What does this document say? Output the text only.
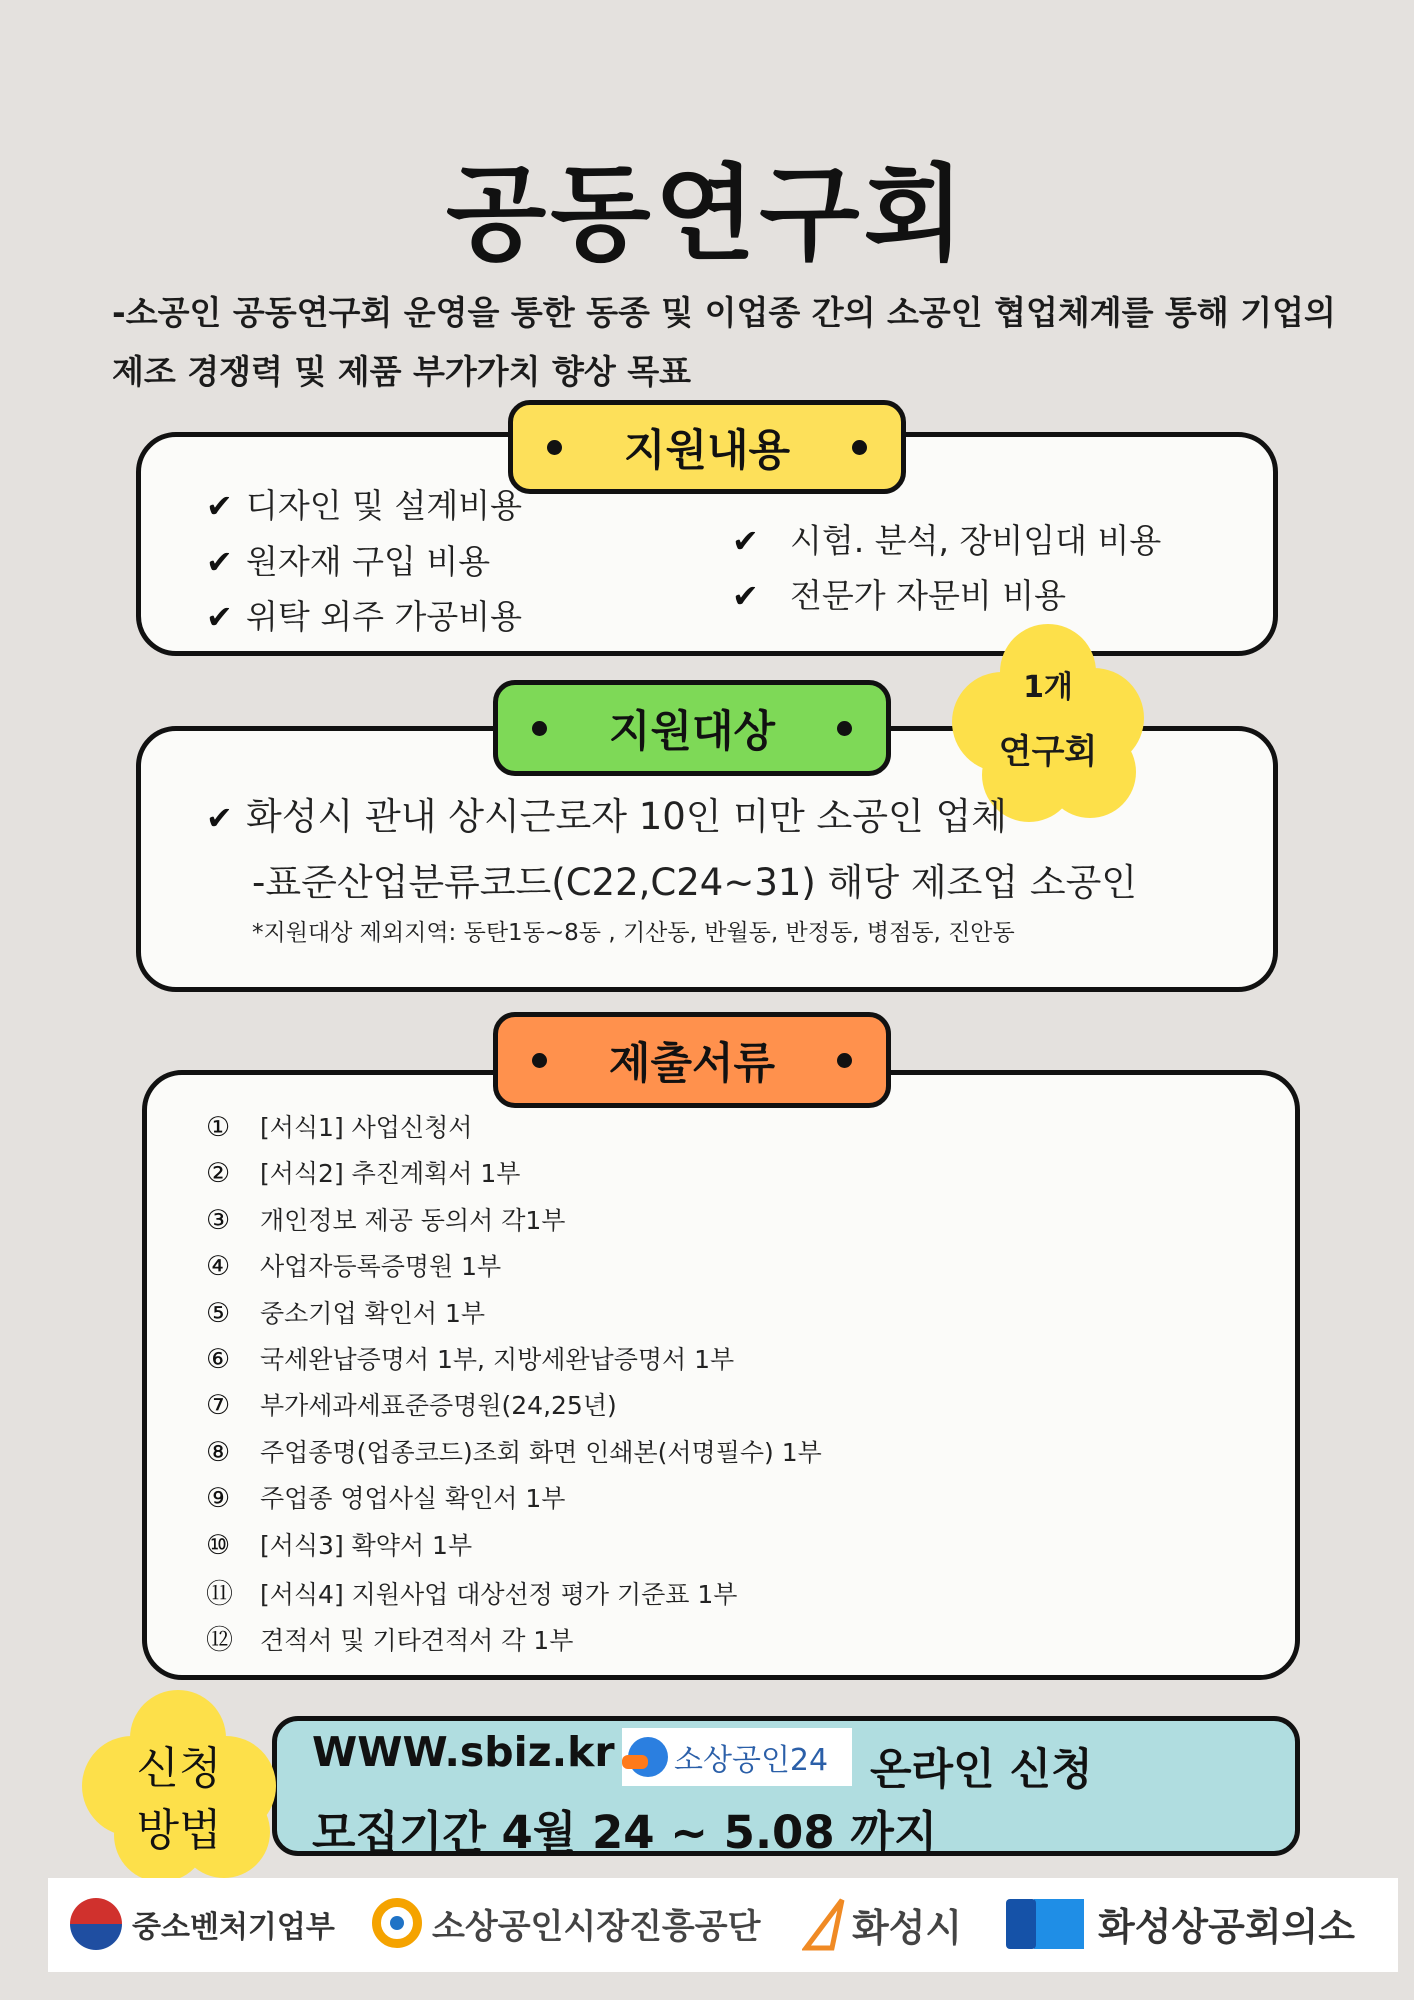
공동연구회
-소공인 공동연구회 운영을 통한 동종 및 이업종 간의 소공인 협업체계를 통해 기업의
제조 경쟁력 및 제품 부가가치 향상 목표
지원내용
✔ 디자인 및 설계비용
✔ 원자재 구입 비용
✔ 위탁 외주 가공비용
✔ 시험. 분석, 장비임대 비용
✔ 전문가 자문비 비용
지원대상
1개
연구회
✔ 화성시 관내 상시근로자 10인 미만 소공인 업체
-표준산업분류코드(C22,C24~31) 해당 제조업 소공인
*지원대상 제외지역: 동탄1동~8동 , 기산동, 반월동, 반정동, 병점동, 진안동
제출서류
① [서식1] 사업신청서
② [서식2] 추진계획서 1부
③ 개인정보 제공 동의서 각1부
④ 사업자등록증명원 1부
⑤ 중소기업 확인서 1부
⑥ 국세완납증명서 1부, 지방세완납증명서 1부
⑦ 부가세과세표준증명원(24,25년)
⑧ 주업종명(업종코드)조회 화면 인쇄본(서명필수) 1부
⑨ 주업종 영업사실 확인서 1부
⑩ [서식3] 확약서 1부
⑪ [서식4] 지원사업 대상선정 평가 기준표 1부
⑫ 견적서 및 기타견적서 각 1부
신청
방법
WWW.sbiz.kr 소상공인24 온라인 신청
모집기간 4월 24 ~ 5.08 까지
중소벤처기업부	소상공인시장진흥공단 화성시	화성상공회의소
